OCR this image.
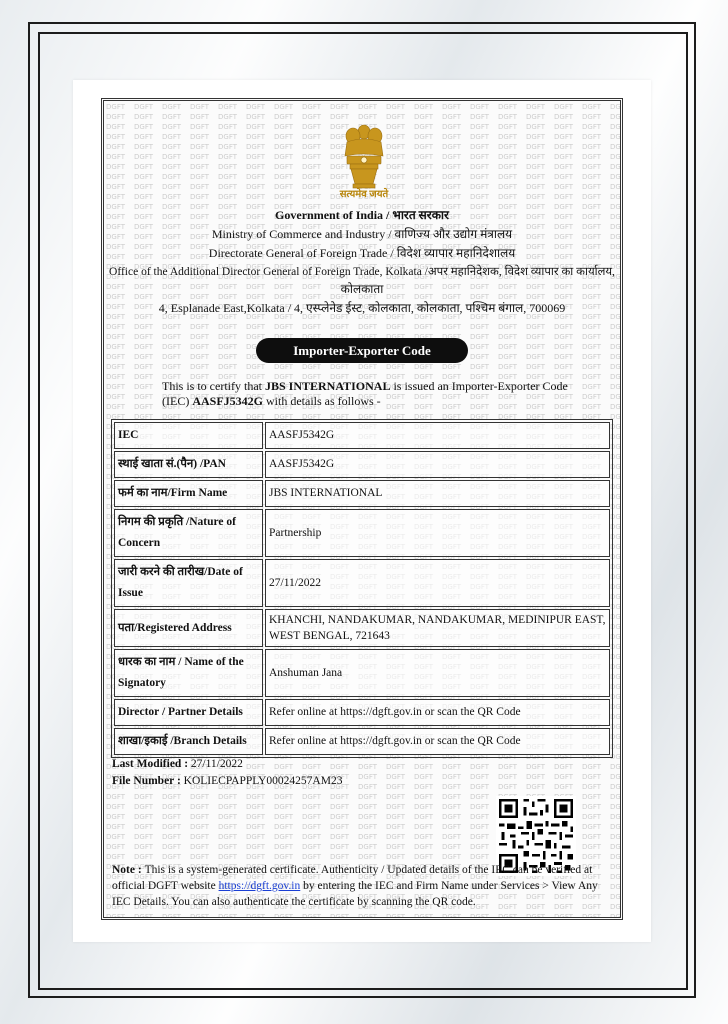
सत्यमेव जयते
Government of India / भारत सरकार
Ministry of Commerce and Industry / वाणिज्य और उद्योग मंत्रालय
Directorate General of Foreign Trade / विदेश व्यापार महानिदेशालय
Office of the Additional Director General of Foreign Trade, Kolkata /अपर महानिदेशक, विदेश व्यापार का कार्यालय,
कोलकाता
4, Esplanade East,Kolkata / 4, एस्प्लेनेड ईस्ट, कोलकाता, कोलकाता, पश्चिम बंगाल, 700069
Importer-Exporter Code
This is to certify that JBS INTERNATIONAL is issued an Importer-Exporter Code (IEC) AASFJ5342G with details as follows -
IEC	AASFJ5342G
स्थाई खाता सं.(पैन) /PAN	AASFJ5342G
फर्म का नाम/Firm Name	JBS INTERNATIONAL
निगम की प्रकृति /Nature of Concern	Partnership
जारी करने की तारीख/Date of Issue	27/11/2022
पता/Registered Address	KHANCHI, NANDAKUMAR, NANDAKUMAR, MEDINIPUR EAST, WEST BENGAL, 721643
धारक का नाम / Name of the Signatory	Anshuman Jana
Director / Partner Details	Refer online at https://dgft.gov.in or scan the QR Code
शाखा/इकाई /Branch Details	Refer online at https://dgft.gov.in or scan the QR Code
Last Modified : 27/11/2022
File Number : KOLIECPAPPLY00024257AM23
Note : This is a system-generated certificate. Authenticity / Updated details of the IEC can be verified at official DGFT website https://dgft.gov.in by entering the IEC and Firm Name under Services > View Any IEC Details. You can also authenticate the certificate by scanning the QR code.
